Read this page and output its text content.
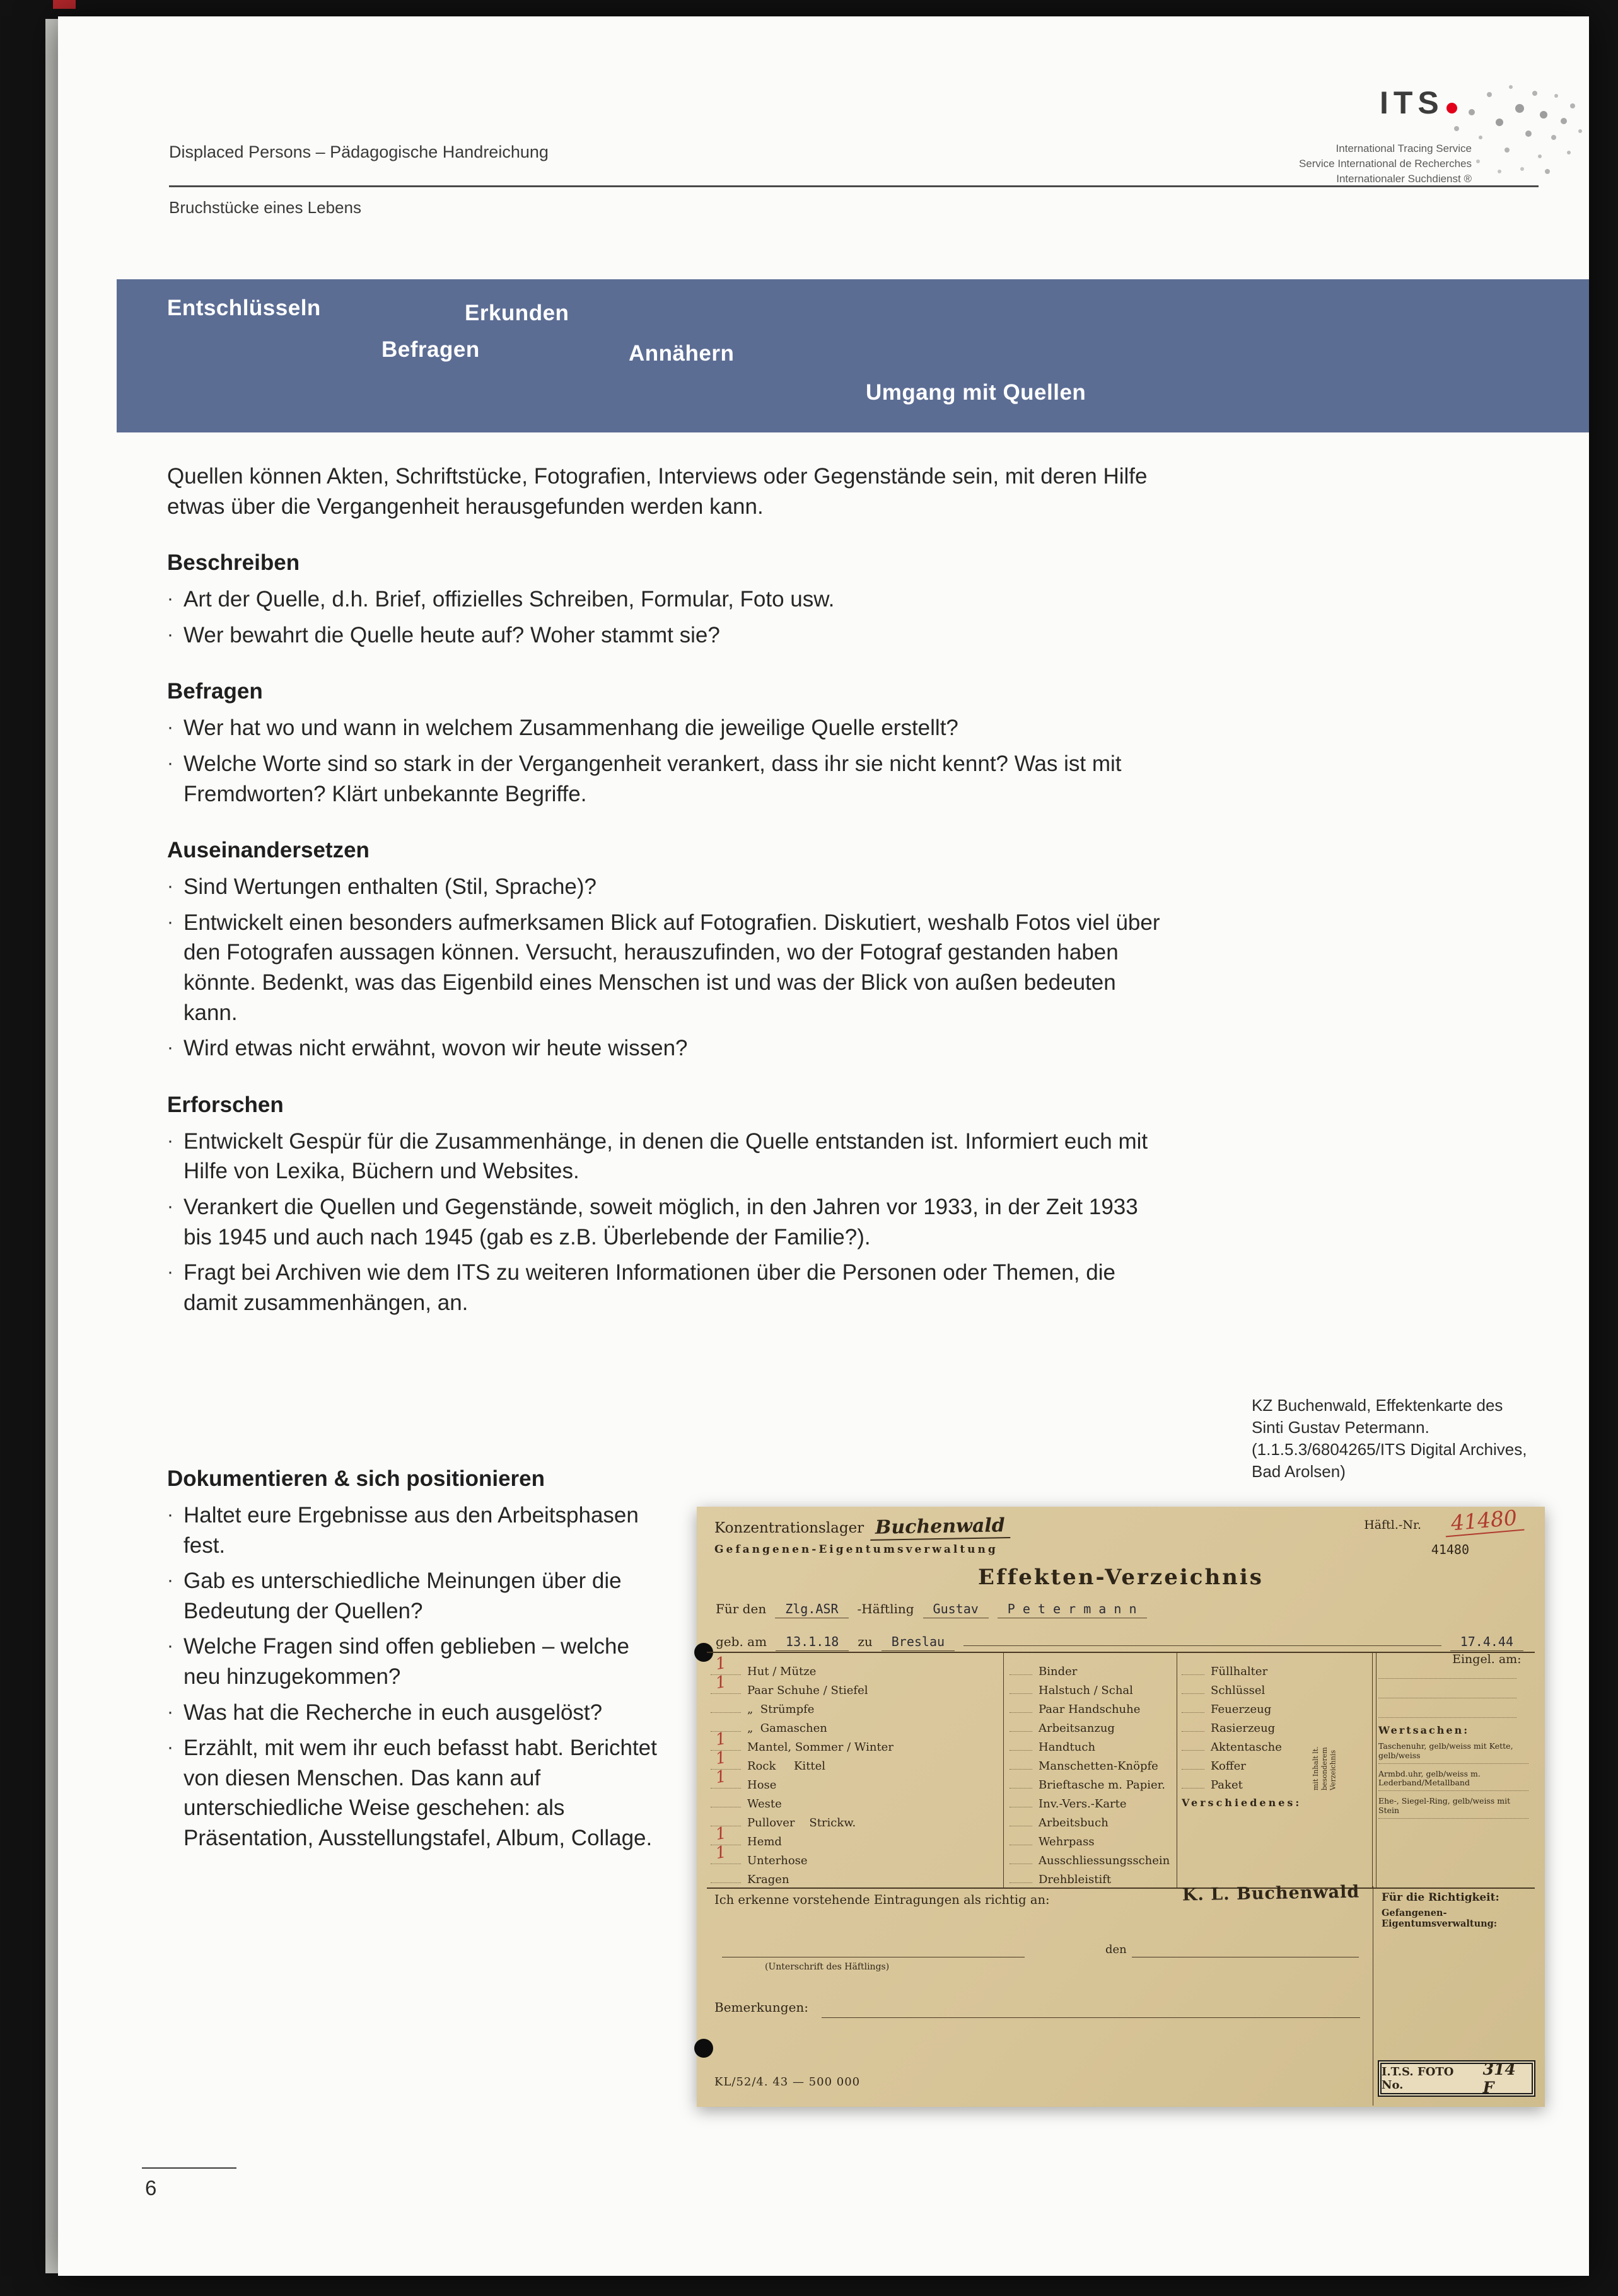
Displaced Persons – Pädagogische Handreichung
Bruchstücke eines Lebens
ITS
International Tracing Service
Service International de Recherches
Internationaler Suchdienst ®
Entschlüsseln	Erkunden
Befragen	Annähern
Umgang mit Quellen

Quellen können Akten, Schriftstücke, Fotografien, Interviews oder Gegenstände sein, mit deren Hilfe etwas über die Vergangenheit herausgefunden werden kann.

Beschreiben
· Art der Quelle, d.h. Brief, offizielles Schreiben, Formular, Foto usw.
· Wer bewahrt die Quelle heute auf? Woher stammt sie?
Befragen
· Wer hat wo und wann in welchem Zusammenhang die jeweilige Quelle erstellt?
· Welche Worte sind so stark in der Vergangenheit verankert, dass ihr sie nicht kennt? Was ist mit Fremdworten? Klärt unbekannte Begriffe.
Auseinandersetzen
· Sind Wertungen enthalten (Stil, Sprache)?
· Entwickelt einen besonders aufmerksamen Blick auf Fotografien. Diskutiert, weshalb Fotos viel über den Fotografen aussagen können. Versucht, herauszufinden, wo der Fotograf gestanden haben könnte. Bedenkt, was das Eigenbild eines Menschen ist und was der Blick von außen bedeuten kann.
· Wird etwas nicht erwähnt, wovon wir heute wissen?
Erforschen
· Entwickelt Gespür für die Zusammenhänge, in denen die Quelle entstanden ist. Informiert euch mit Hilfe von Lexika, Büchern und Websites.
· Verankert die Quellen und Gegenstände, soweit möglich, in den Jahren vor 1933, in der Zeit 1933 bis 1945 und auch nach 1945 (gab es z.B. Überlebende der Familie?).
· Fragt bei Archiven wie dem ITS zu weiteren Informationen über die Personen oder Themen, die damit zusammenhängen, an.
Dokumentieren & sich positionieren
· Haltet eure Ergebnisse aus den Arbeitsphasen fest.
· Gab es unterschiedliche Meinungen über die Bedeutung der Quellen?
· Welche Fragen sind offen geblieben – welche neu hinzugekommen?
· Was hat die Recherche in euch ausgelöst?
· Erzählt, mit wem ihr euch befasst habt. Berichtet von diesen Menschen. Das kann auf unterschiedliche Weise geschehen: als Präsentation, Ausstellungstafel, Album, Collage.
KZ Buchenwald, Effektenkarte des Sinti Gustav Petermann. (1.1.5.3/6804265/ITS Digital Archives, Bad Arolsen)
Konzentrationslager Buchenwald
Gefangenen-Eigentumsverwaltung
Häftl.-Nr.	41480
41480
Effekten-Verzeichnis
Für den	Zlg.ASR	-Häftling	Gustav	P e t e r m a n n
geb. am	13.1.18	zu	Breslau	17.4.44
Eingel. am:
1 Hut / Mütze
1 Paar Schuhe / Stiefel
„  Strümpfe
„  Gamaschen
1 Mantel, Sommer / Winter
1 Rock     Kittel
1 Hose
Weste
Pullover    Strickw.
1 Hemd
1 Unterhose
Kragen
Binder
Halstuch / Schal
Paar Handschuhe
Arbeitsanzug
Handtuch
Manschetten-Knöpfe
Brieftasche m. Papier.
Inv.-Vers.-Karte
Arbeitsbuch
Wehrpass
Ausschliessungsschein
Drehbleistift
Füllhalter
Schlüssel
Feuerzeug
Rasierzeug
Aktentasche
Koffer
Paket
Verschiedenes:
Wertsachen:
Taschenuhr, gelb/weiss mit Kette, gelb/weiss
Armbd.uhr, gelb/weiss m. Lederband/Metallband
Ehe-, Siegel-Ring, gelb/weiss mit Stein
mit Inhalt lt. besonderem Verzeichnis
Ich erkenne vorstehende Eintragungen als richtig an:	K. L. Buchenwald Für die Richtigkeit:
Gefangenen-Eigentumsverwaltung:
(Unterschrift des Häftlings)
den
Bemerkungen:
KL/52/4. 43 — 500 000
I.T.S. FOTO No.
314 F
6
